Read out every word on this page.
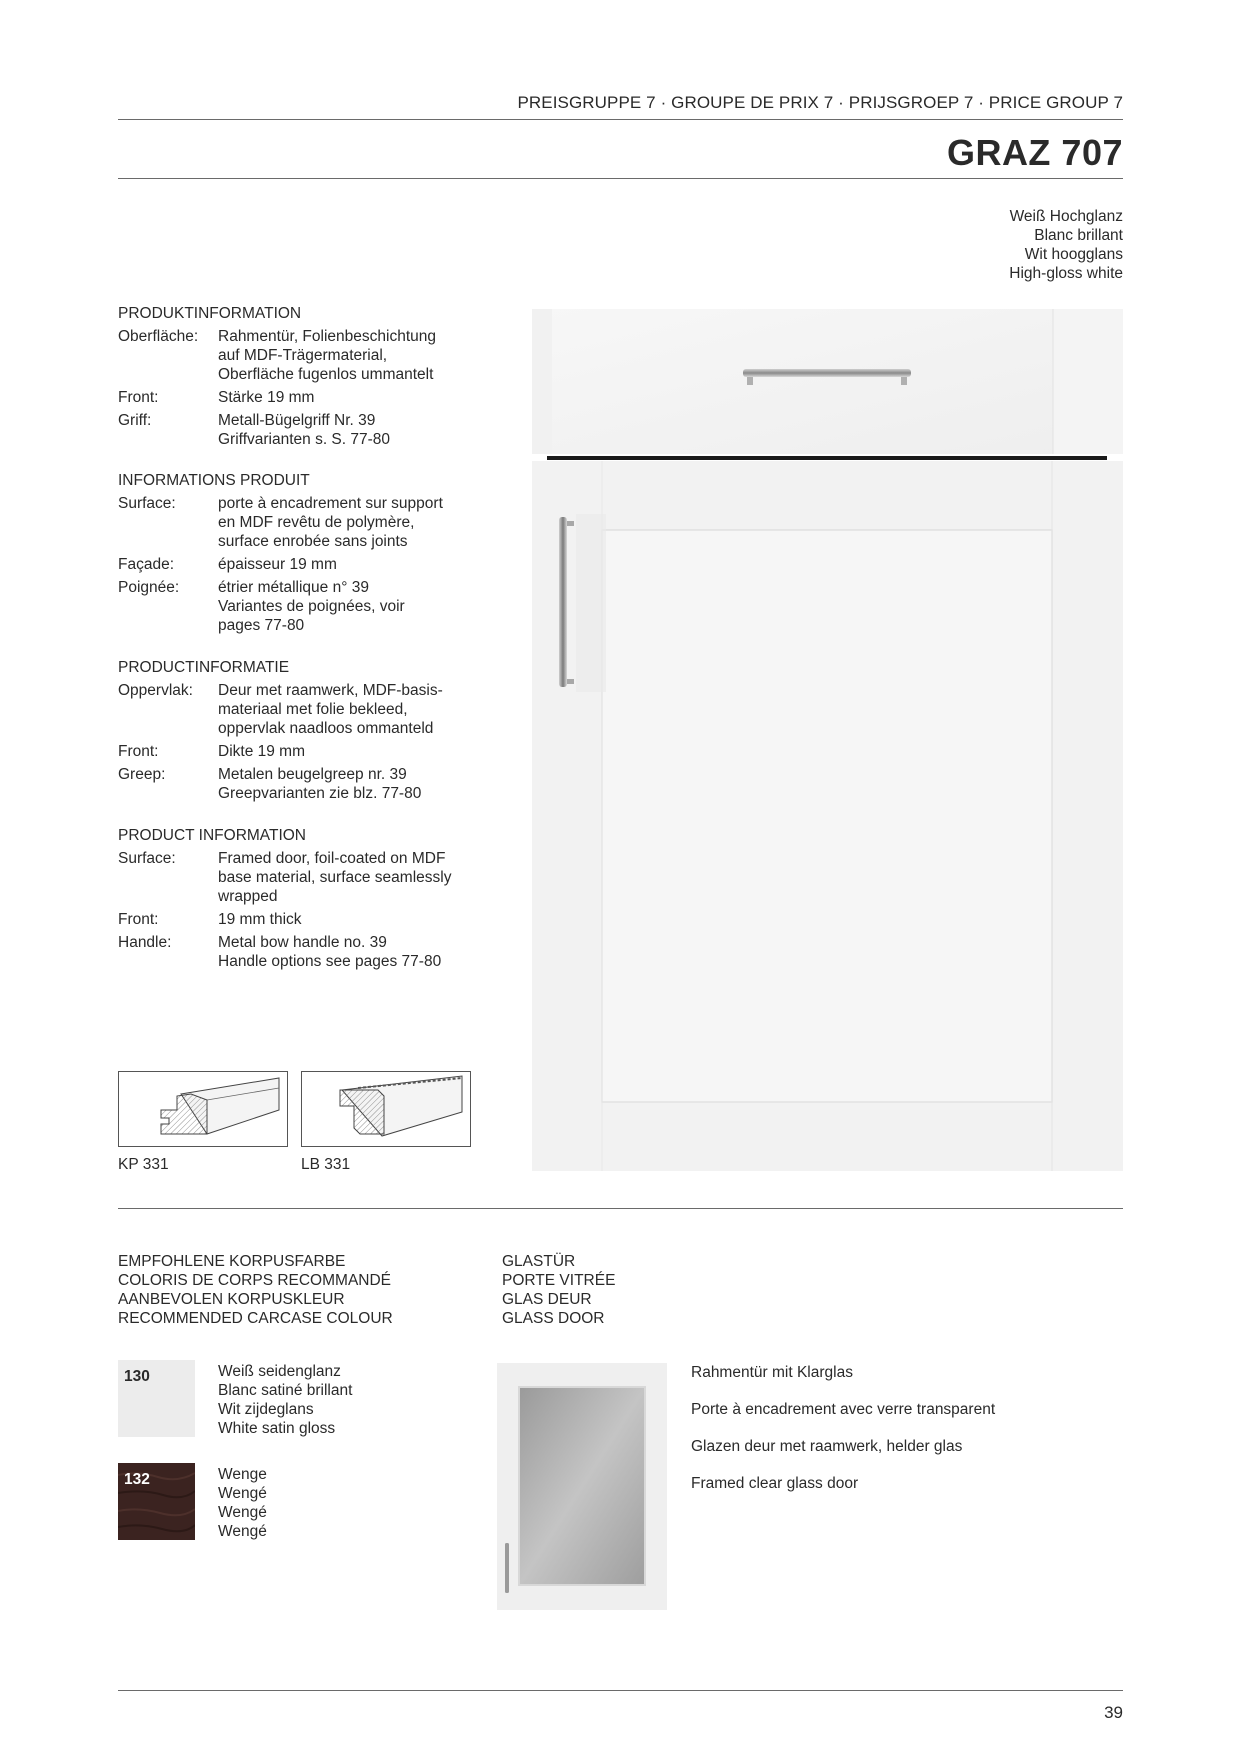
PREISGRUPPE 7 · GROUPE DE PRIX 7 · PRIJSGROEP 7 · PRICE GROUP 7
GRAZ 707
Weiß Hochglanz
Blanc brillant
Wit hoogglans
High-gloss white
PRODUKTINFORMATION
Oberfläche:	Rahmentür, Folienbeschichtung
auf MDF-Trägermaterial,
Oberfläche fugenlos ummantelt
Front:	Stärke 19 mm
Griff:	Metall-Bügelgriff Nr. 39
Griffvarianten s. S. 77-80
INFORMATIONS PRODUIT
Surface:	porte à encadrement sur support
en MDF revêtu de polymère,
surface enrobée sans joints
Façade:	épaisseur 19 mm
Poignée:	étrier métallique n° 39
Variantes de poignées, voir
pages 77-80
PRODUCTINFORMATIE
Oppervlak:	Deur met raamwerk, MDF-basis-
materiaal met folie bekleed,
oppervlak naadloos ommanteld
Front:	Dikte 19 mm
Greep:	Metalen beugelgreep nr. 39
Greepvarianten zie blz. 77-80
PRODUCT INFORMATION
Surface:	Framed door, foil-coated on MDF
base material, surface seamlessly
wrapped
Front:	19 mm thick
Handle:	Metal bow handle no. 39
Handle options see pages 77-80
KP 331	LB 331
EMPFOHLENE KORPUSFARBE
COLORIS DE CORPS RECOMMANDÉ
AANBEVOLEN KORPUSKLEUR
RECOMMENDED CARCASE COLOUR
130	Weiß seidenglanz
Blanc satiné brillant
Wit zijdeglans
White satin gloss
132	Wenge
Wengé
Wengé
Wengé
GLASTÜR
PORTE VITRÉE
GLAS DEUR
GLASS DOOR
Rahmentür mit Klarglas
Porte à encadrement avec verre transparent
Glazen deur met raamwerk, helder glas
Framed clear glass door
39
